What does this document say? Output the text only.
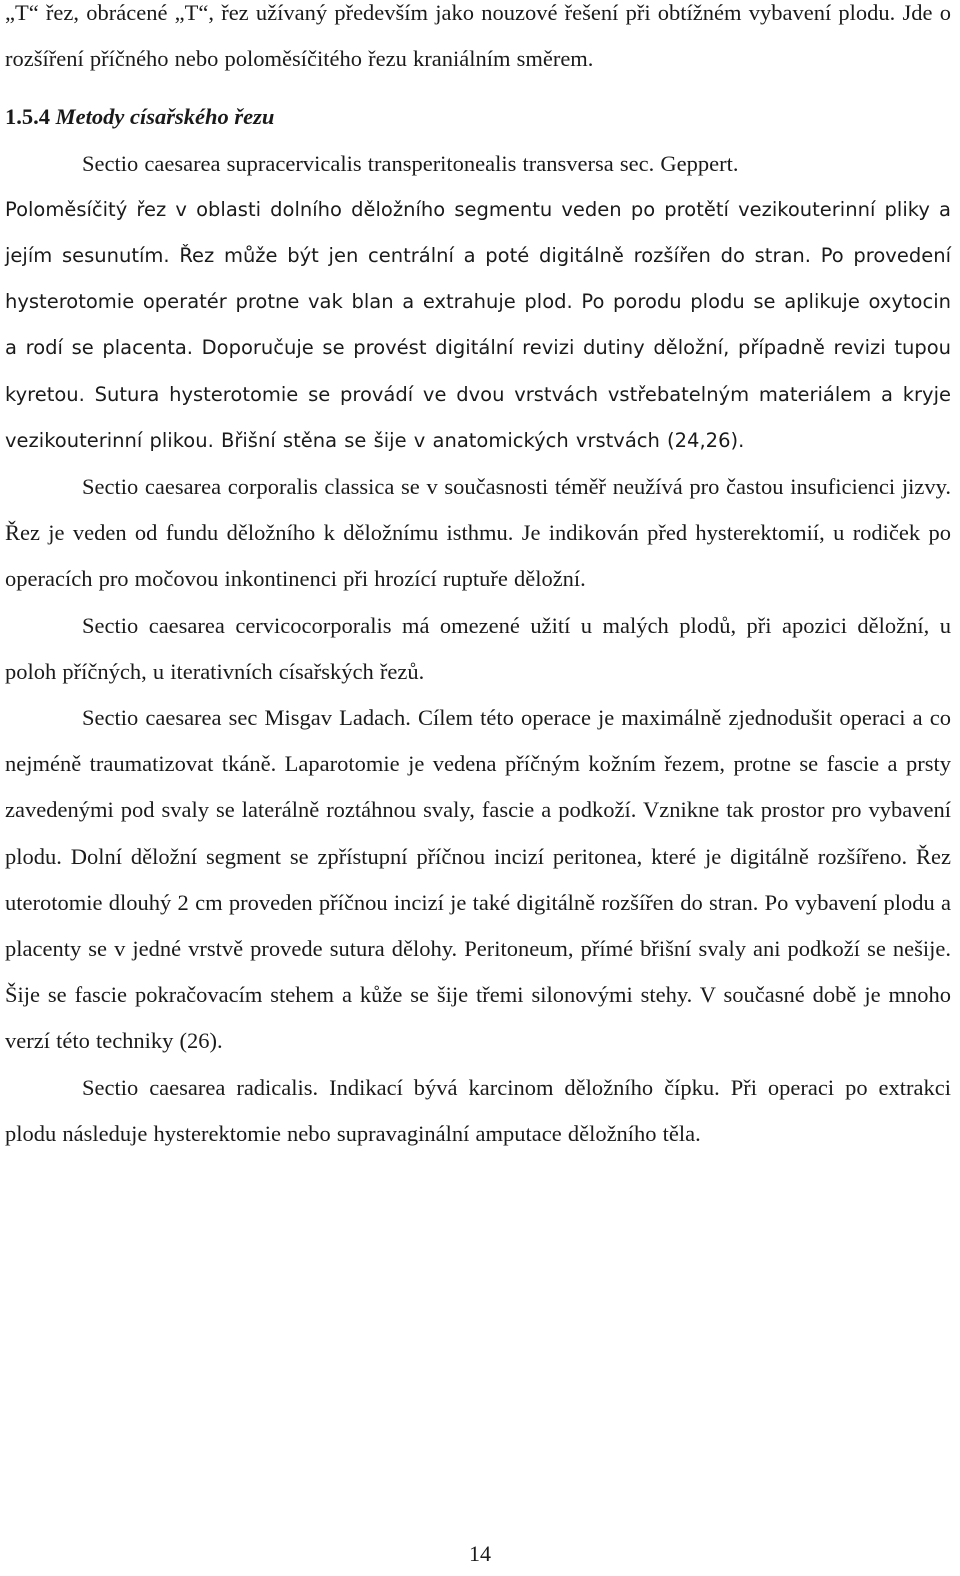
„T“ řez, obrácené „T“, řez užívaný především jako nouzové řešení při obtížném vybavení plodu. Jde o rozšíření příčného nebo poloměsíčitého řezu kraniálním směrem.

1.5.4 Metody císařského řezu

Sectio caesarea supracervicalis transperitonealis transversa sec. Geppert.

Poloměsíčitý řez v oblasti dolního děložního segmentu veden po protětí vezikouterinní pliky a jejím sesunutím. Řez může být jen centrální a poté digitálně rozšířen do stran. Po provedení hysterotomie operatér protne vak blan a extrahuje plod. Po porodu plodu se aplikuje oxytocin a rodí se placenta. Doporučuje se provést digitální revizi dutiny děložní, případně revizi tupou kyretou. Sutura hysterotomie se provádí ve dvou vrstvách vstřebatelným materiálem a kryje vezikouterinní plikou. Břišní stěna se šije v anatomických vrstvách (24,26).

Sectio caesarea corporalis classica se v současnosti téměř neužívá pro častou insuficienci jizvy. Řez je veden od fundu děložního k děložnímu isthmu. Je indikován před hysterektomií, u rodiček po operacích pro močovou inkontinenci při hrozící ruptuře děložní.

Sectio caesarea cervicocorporalis má omezené užití u malých plodů, při apozici děložní, u poloh příčných, u iterativních císařských řezů.

Sectio caesarea sec Misgav Ladach. Cílem této operace je maximálně zjednodušit operaci a co nejméně traumatizovat tkáně. Laparotomie je vedena příčným kožním řezem, protne se fascie a prsty zavedenými pod svaly se laterálně roztáhnou svaly, fascie a podkoží. Vznikne tak prostor pro vybavení plodu. Dolní děložní segment se zpřístupní příčnou incizí peritonea, které je digitálně rozšířeno. Řez uterotomie dlouhý 2 cm proveden příčnou incizí je také digitálně rozšířen do stran. Po vybavení plodu a placenty se v jedné vrstvě provede sutura dělohy. Peritoneum, přímé břišní svaly ani podkoží se nešije. Šije se fascie pokračovacím stehem a kůže se šije třemi silonovými stehy. V současné době je mnoho verzí této techniky (26).

Sectio caesarea radicalis. Indikací bývá karcinom děložního čípku. Při operaci po extrakci plodu následuje hysterektomie nebo supravaginální amputace děložního těla.

14
